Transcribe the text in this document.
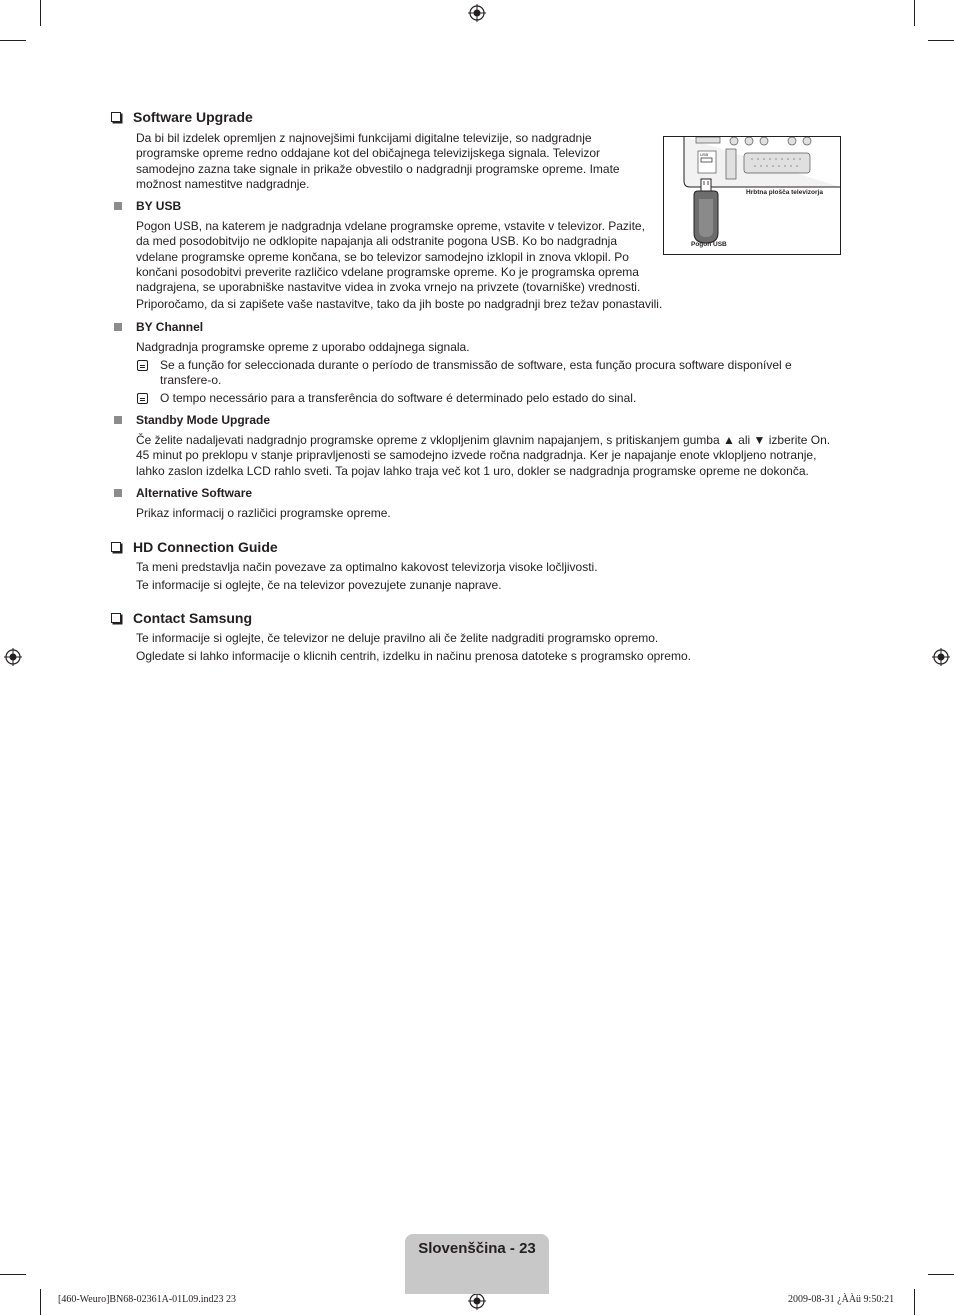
Software Upgrade
Da bi bil izdelek opremljen z najnovejšimi funkcijami digitalne televizije, so nadgradnje programske opreme redno oddajane kot del običajnega televizijskega signala. Televizor samodejno zazna take signale in prikaže obvestilo o nadgradnji programske opreme. Imate možnost namestitve nadgradnje.
BY USB
Pogon USB, na katerem je nadgradnja vdelane programske opreme, vstavite v televizor. Pazite, da med posodobitvijo ne odklopite napajanja ali odstranite pogona USB. Ko bo nadgradnja vdelane programske opreme končana, se bo televizor samodejno izklopil in znova vklopil. Po končani posodobitvi preverite različico vdelane programske opreme. Ko je programska oprema nadgrajena, se uporabniške nastavitve videa in zvoka vrnejo na privzete (tovarniške) vrednosti.
Priporočamo, da si zapišete vaše nastavitve, tako da jih boste po nadgradnji brez težav ponastavili.
USB
Hrbtna plošča televizorja
Pogon USB
BY Channel
Nadgradnja programske opreme z uporabo oddajnega signala.
Se a função for seleccionada durante o período de transmissão de software, esta função procura software disponível e transfere-o.
O tempo necessário para a transferência do software é determinado pelo estado do sinal.
Standby Mode Upgrade
Če želite nadaljevati nadgradnjo programske opreme z vklopljenim glavnim napajanjem, s pritiskanjem gumba ▲ ali ▼ izberite On. 45 minut po preklopu v stanje pripravljenosti se samodejno izvede ročna nadgradnja. Ker je napajanje enote vklopljeno notranje, lahko zaslon izdelka LCD rahlo sveti. Ta pojav lahko traja več kot 1 uro, dokler se nadgradnja programske opreme ne dokonča.
Alternative Software
Prikaz informacij o različici programske opreme.
HD Connection Guide
Ta meni predstavlja način povezave za optimalno kakovost televizorja visoke ločljivosti.
Te informacije si oglejte, če na televizor povezujete zunanje naprave.
Contact Samsung
Te informacije si oglejte, če televizor ne deluje pravilno ali če želite nadgraditi programsko opremo.
Ogledate si lahko informacije o klicnih centrih, izdelku in načinu prenosa datoteke s programsko opremo.
Slovenščina - 23
[460-Weuro]BN68-02361A-01L09.ind23 23	2009-08-31 ¿ÀÀü 9:50:21
